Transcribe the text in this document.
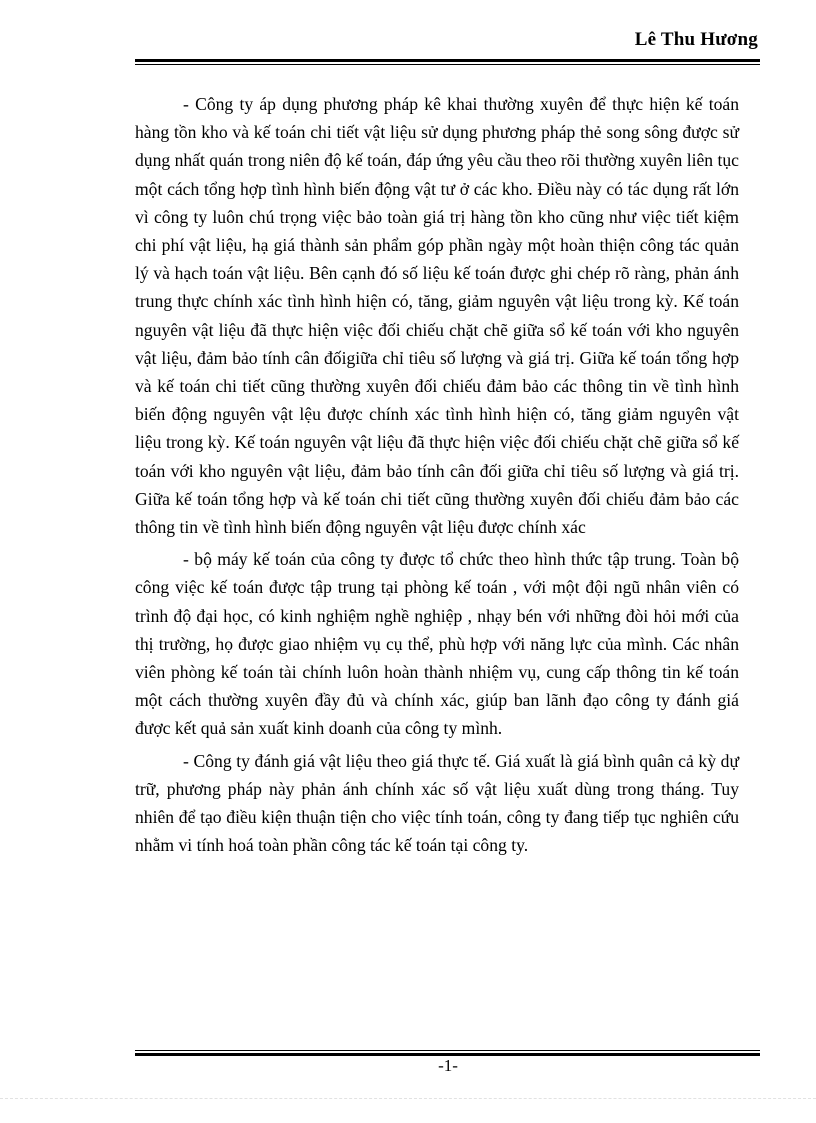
Lê Thu Hương

- Công ty áp dụng phương pháp kê khai thường xuyên để thực hiện kế toán hàng tồn kho và kế toán chi tiết vật liệu sử dụng phương pháp thẻ song sông được sử dụng nhất quán trong niên độ kế toán, đáp ứng yêu cầu theo rõi thường xuyên liên tục một cách tổng hợp tình hình biến động vật tư ở các kho. Điều này có tác dụng rất lớn vì công ty luôn chú trọng việc bảo toàn giá trị hàng tồn kho cũng như việc tiết kiệm chi phí vật liệu, hạ giá thành sản phẩm góp phần ngày một hoàn thiện công tác quản lý và hạch toán vật liệu. Bên cạnh đó số liệu kế toán được ghi chép rõ ràng, phản ánh trung thực chính xác tình hình hiện có, tăng, giảm nguyên vật liệu trong kỳ. Kế toán nguyên vật liệu đã thực hiện việc đối chiếu chặt chẽ giữa sổ kế toán với kho nguyên vật liệu, đảm bảo tính cân đốigiữa chỉ tiêu số lượng và giá trị. Giữa kế toán tổng hợp và kế toán chi tiết cũng thường xuyên đối chiếu đảm bảo các thông tin về tình hình biến động nguyên vật lệu được chính xác tình hình hiện có, tăng giảm nguyên vật liệu trong kỳ. Kế toán nguyên vật liệu đã thực hiện việc đối chiếu chặt chẽ giữa sổ kế toán với kho nguyên vật liệu, đảm bảo tính cân đối giữa chỉ tiêu số lượng và giá trị. Giữa kế toán tổng hợp và kế toán chi tiết cũng thường xuyên đối chiếu đảm bảo các thông tin về tình hình biến động nguyên vật liệu được chính xác

- bộ máy kế toán của công ty được tổ chức theo hình thức tập trung. Toàn bộ công việc kế toán được tập trung tại phòng kế toán , với một đội ngũ nhân viên có trình độ đại học, có kinh nghiệm nghề nghiệp , nhạy bén với những đòi hỏi mới của thị trường, họ được giao nhiệm vụ cụ thể, phù hợp với năng lực của mình. Các nhân viên phòng kế toán tài chính luôn hoàn thành nhiệm vụ, cung cấp thông tin kế toán một cách thường xuyên đầy đủ và chính xác, giúp ban lãnh đạo công ty đánh giá được kết quả sản xuất kinh doanh của công ty mình.

- Công ty đánh giá vật liệu theo giá thực tế. Giá xuất là giá bình quân cả kỳ dự trữ, phương pháp này phản ánh chính xác số vật liệu xuất dùng trong tháng. Tuy nhiên để tạo điều kiện thuận tiện cho việc tính toán, công ty đang tiếp tục nghiên cứu nhằm vi tính hoá toàn phần công tác kế toán tại công ty.

-1-
